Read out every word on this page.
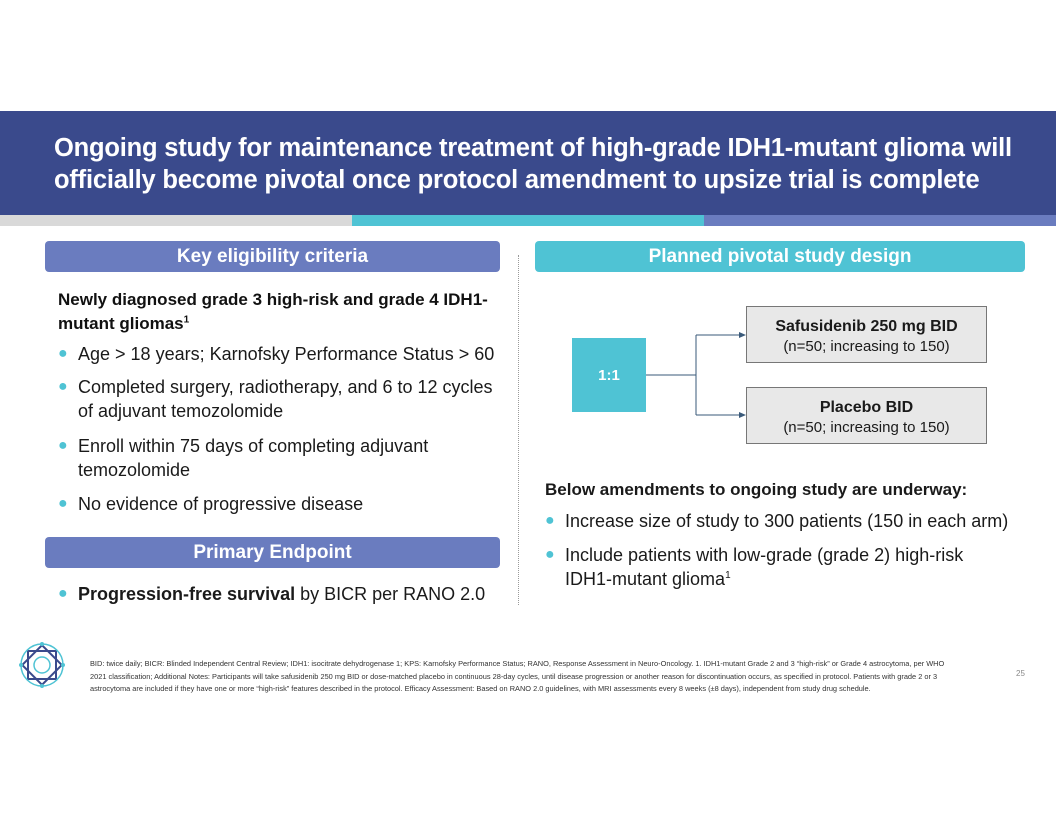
Ongoing study for maintenance treatment of high-grade IDH1-mutant glioma will officially become pivotal once protocol amendment to upsize trial is complete
Key eligibility criteria
Newly diagnosed grade 3 high-risk and grade 4 IDH1-mutant gliomas$^1$
● Age > 18 years; Karnofsky Performance Status > 60
● Completed surgery, radiotherapy, and 6 to 12 cycles of adjuvant temozolomide
● Enroll within 75 days of completing adjuvant temozolomide
● No evidence of progressive disease
Primary Endpoint
● Progression-free survival by BICR per RANO 2.0
Planned pivotal study design
1:1
Safusidenib 250 mg BID
(n=50; increasing to 150)
Placebo BID
(n=50; increasing to 150)
Below amendments to ongoing study are underway:
● Increase size of study to 300 patients (150 in each arm)
● Include patients with low-grade (grade 2) high-risk IDH1-mutant glioma$^1$
BID: twice daily; BICR: Blinded Independent Central Review; IDH1: isocitrate dehydrogenase 1; KPS: Karnofsky Performance Status; RANO, Response Assessment in Neuro-Oncology. 1. IDH1-mutant Grade 2 and 3 “high-risk” or Grade 4 astrocytoma, per WHO 2021 classification; Additional Notes: Participants will take safusidenib 250 mg BID or dose-matched placebo in continuous 28-day cycles, until disease progression or another reason for discontinuation occurs, as specified in protocol. Patients with grade 2 or 3 astrocytoma are included if they have one or more “high-risk” features described in the protocol. Efficacy Assessment: Based on RANO 2.0 guidelines, with MRI assessments every 8 weeks (±8 days), independent from study drug schedule.
25
